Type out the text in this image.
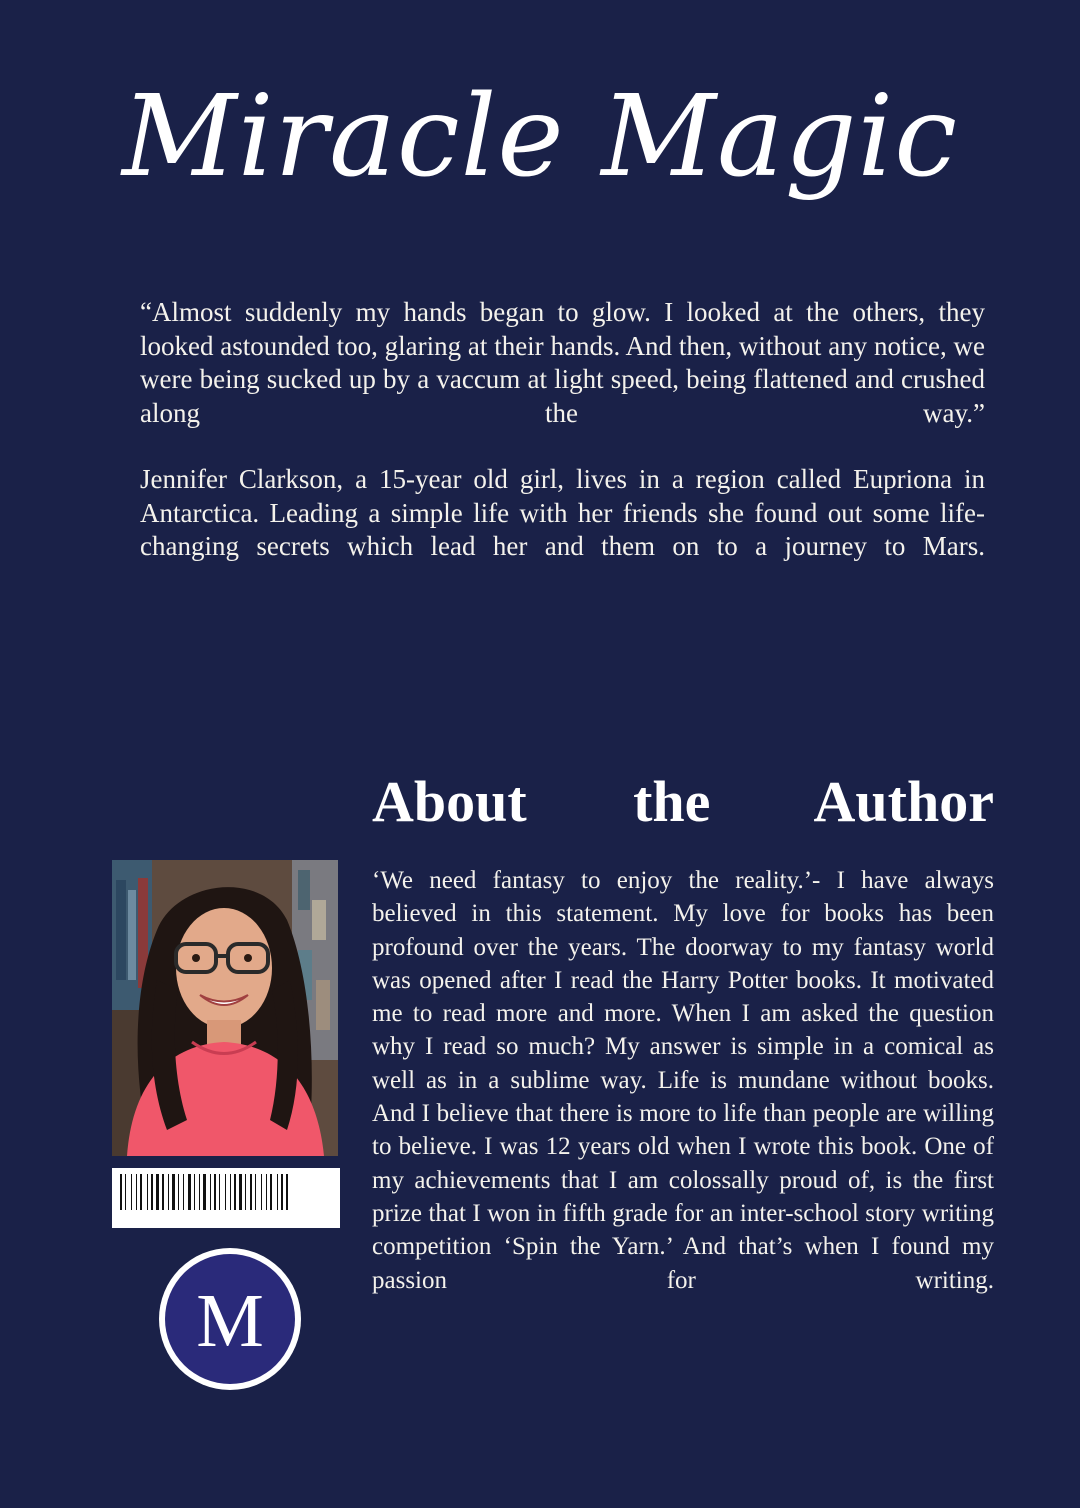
Miracle Magic

“Almost suddenly my hands began to glow. I looked at the others, they looked astounded too, glaring at their hands. And then, without any notice, we were being sucked up by a vaccum at light speed, being flattened and crushed along the way.”

Jennifer Clarkson, a 15-year old girl, lives in a region called Eupriona in Antarctica. Leading a simple life with her friends she found out some life-changing secrets which lead her and them on to a journey to Mars.

About the Author

‘We need fantasy to enjoy the reality.’- I have always believed in this statement. My love for books has been profound over the years. The doorway to my fantasy world was opened after I read the Harry Potter books. It motivated me to read more and more. When I am asked the question why I read so much? My answer is simple in a comical as well as in a sublime way. Life is mundane without books. And I believe that there is more to life than people are willing to believe. I was 12 years old when I wrote this book. One of my achievements that I am colossally proud of, is the first prize that I won in fifth grade for an inter-school story writing competition ‘Spin the Yarn.’ And that’s when I found my passion for writing.

M
